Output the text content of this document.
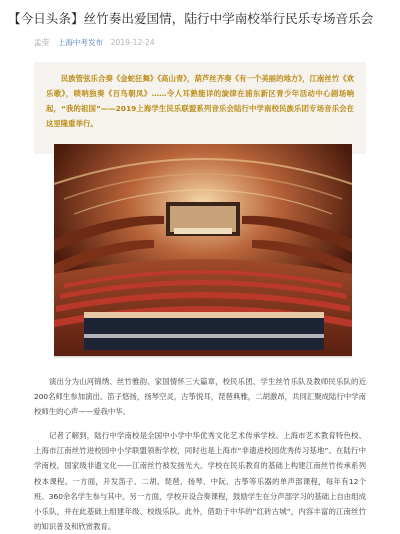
【今日头条】丝竹奏出爱国情，陆行中学南校举行民乐专场音乐会
孟莹 上海中考发布 2019-12-24
民族管弦乐合奏《金蛇狂舞》《高山青》，葫芦丝齐奏《有一个美丽的地方》，江南丝竹《欢乐歌》，唢呐独奏《百鸟朝凤》……令人耳熟能详的旋律在浦东新区青少年活动中心剧场响起，“我的祖国”——2019上海学生民乐联盟系列音乐会陆行中学南校民族乐团专场音乐会在这里隆重举行。

演出分为山河锦绣、丝竹雅韵、家国情怀三大篇章，校民乐团、学生丝竹乐队及教师民乐队的近200名师生参加演出。笛子悠扬，扬琴空灵，古筝悦耳，琵琶典雅，二胡激昂，共同汇聚成陆行中学南校师生的心声——爱我中华。

记者了解到，陆行中学南校是全国中小学中华优秀文化艺术传承学校、上海市艺术教育特色校、上海市江南丝竹进校园中小学联盟领衔学校，同时也是上海市“非遗进校园优秀传习基地”。在陆行中学南校，国家级非遗文化——江南丝竹被发扬光大。学校在民乐教育的基础上构建江南丝竹传承系列校本课程。一方面，开发笛子、二胡、琵琶、扬琴、中阮、古筝等乐器的单声部课程，每年有12个班、360余名学生参与其中。另一方面，学校开设合奏课程，鼓励学生在分声部学习的基础上自由组成小乐队，并在此基础上组建年级、校级乐队。此外，借助于中华的“红砖古城”，内容丰富的江南丝竹的知识普及和欣赏教育。
